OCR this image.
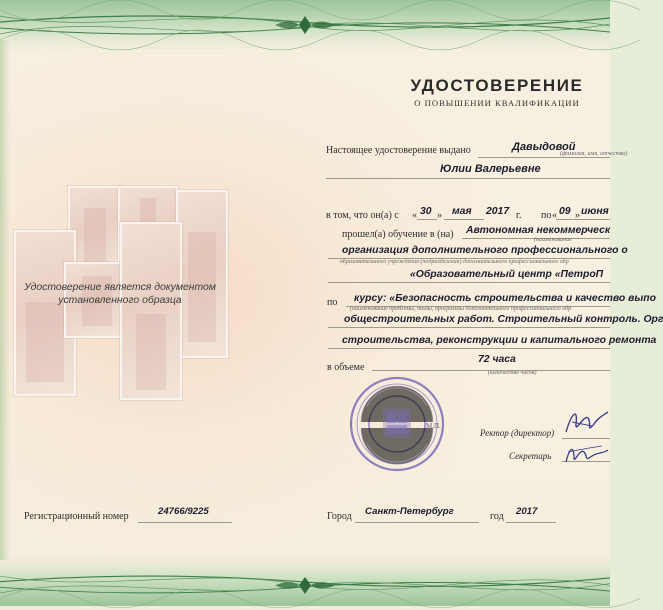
Удостоверение является документом
установленного образца
УДОСТОВЕРЕНИЕ
О ПОВЫШЕНИИ КВАЛИФИКАЦИИ
Настоящее удостоверение выдано	Давыдовой
(фамилия, имя, отчество)
Юлии Валерьевне
в том, что он(а) с « 30 » мая 2017 г. по « 09 » июня
прошел(а) обучение в (на) Автономная некоммерческ
(наименование
организация дополнительного профессионального о
образовательного учреждения (подразделения) дополнительного профессионального обр
«Образовательный центр «ПетроП
по курсу: «Безопасность строительства и качество выпо
(наименование проблемы, темы, программы дополнительного профессионального обр
общестроительных работ. Строительный контроль. Орг
строительства, реконструкции и капитального ремонта
в объеме
72 часа
(количество часов)
М.П.
Ректор (директор)
Секретарь
Регистрационный номер	24766/9225	Город Санкт-Петербург	год 2017
